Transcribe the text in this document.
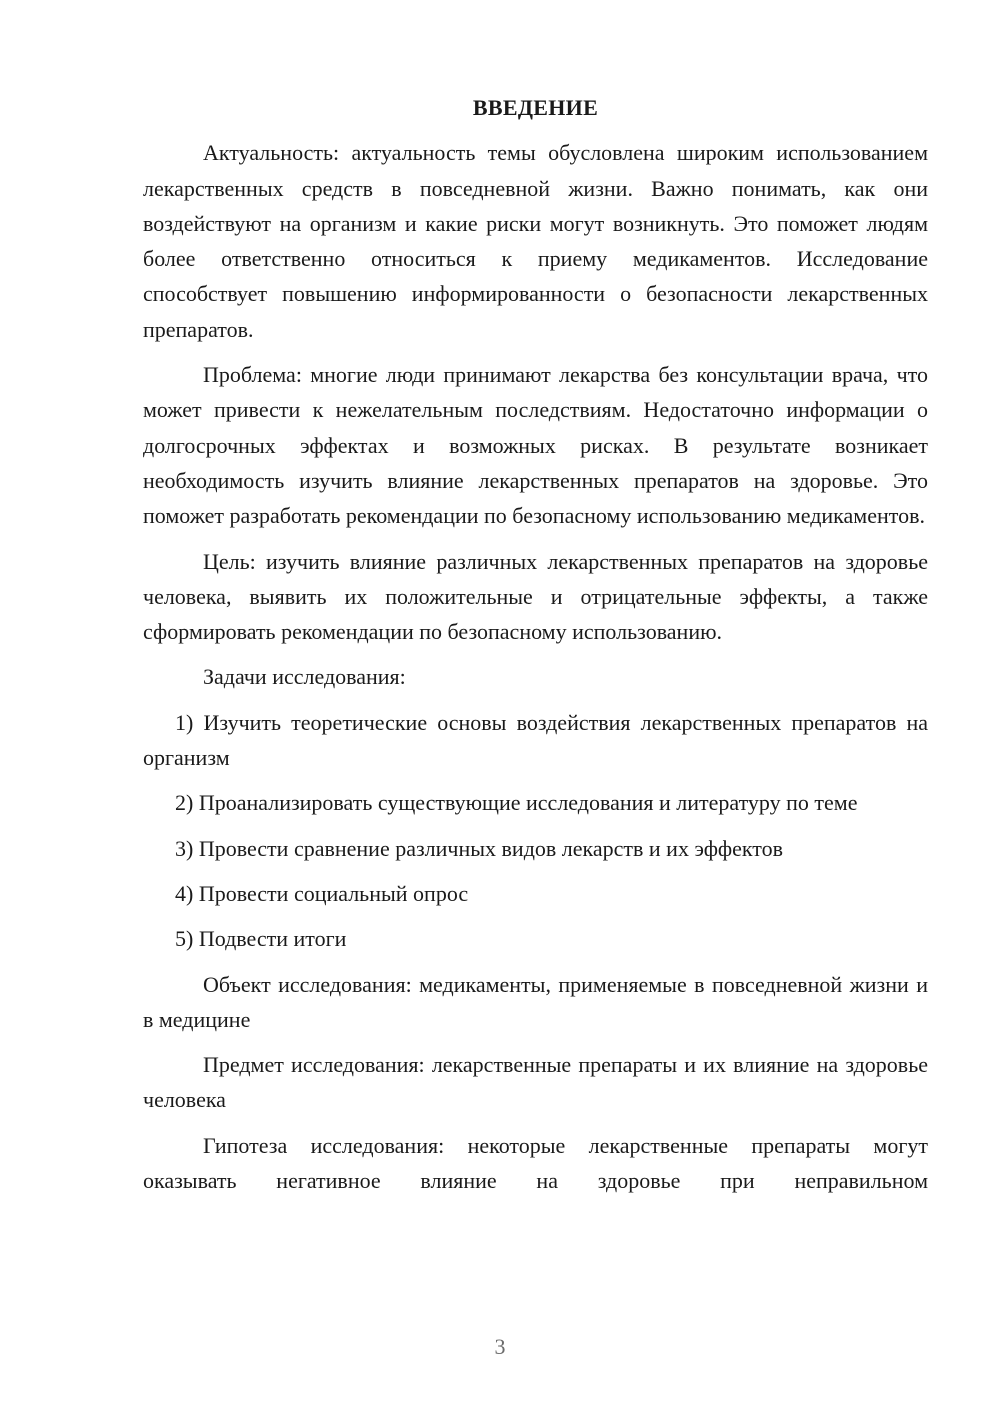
ВВЕДЕНИЕ

Актуальность: актуальность темы обусловлена широким использованием лекарственных средств в повседневной жизни. Важно понимать, как они воздействуют на организм и какие риски могут возникнуть. Это поможет людям более ответственно относиться к приему медикаментов. Исследование способствует повышению информированности о безопасности лекарственных препаратов.

Проблема: многие люди принимают лекарства без консультации врача, что может привести к нежелательным последствиям. Недостаточно информации о долгосрочных эффектах и возможных рисках. В результате возникает необходимость изучить влияние лекарственных препаратов на здоровье. Это поможет разработать рекомендации по безопасному использованию медикаментов.

Цель: изучить влияние различных лекарственных препаратов на здоровье человека, выявить их положительные и отрицательные эффекты, а также сформировать рекомендации по безопасному использованию.

Задачи исследования:

1) Изучить теоретические основы воздействия лекарственных препаратов на организм

2) Проанализировать существующие исследования и литературу по теме

3) Провести сравнение различных видов лекарств и их эффектов

4) Провести социальный опрос

5) Подвести итоги

Объект исследования: медикаменты, применяемые в повседневной жизни и в медицине

Предмет исследования: лекарственные препараты и их влияние на здоровье человека

Гипотеза исследования: некоторые лекарственные препараты могут оказывать негативное влияние на здоровье при неправильном

3
